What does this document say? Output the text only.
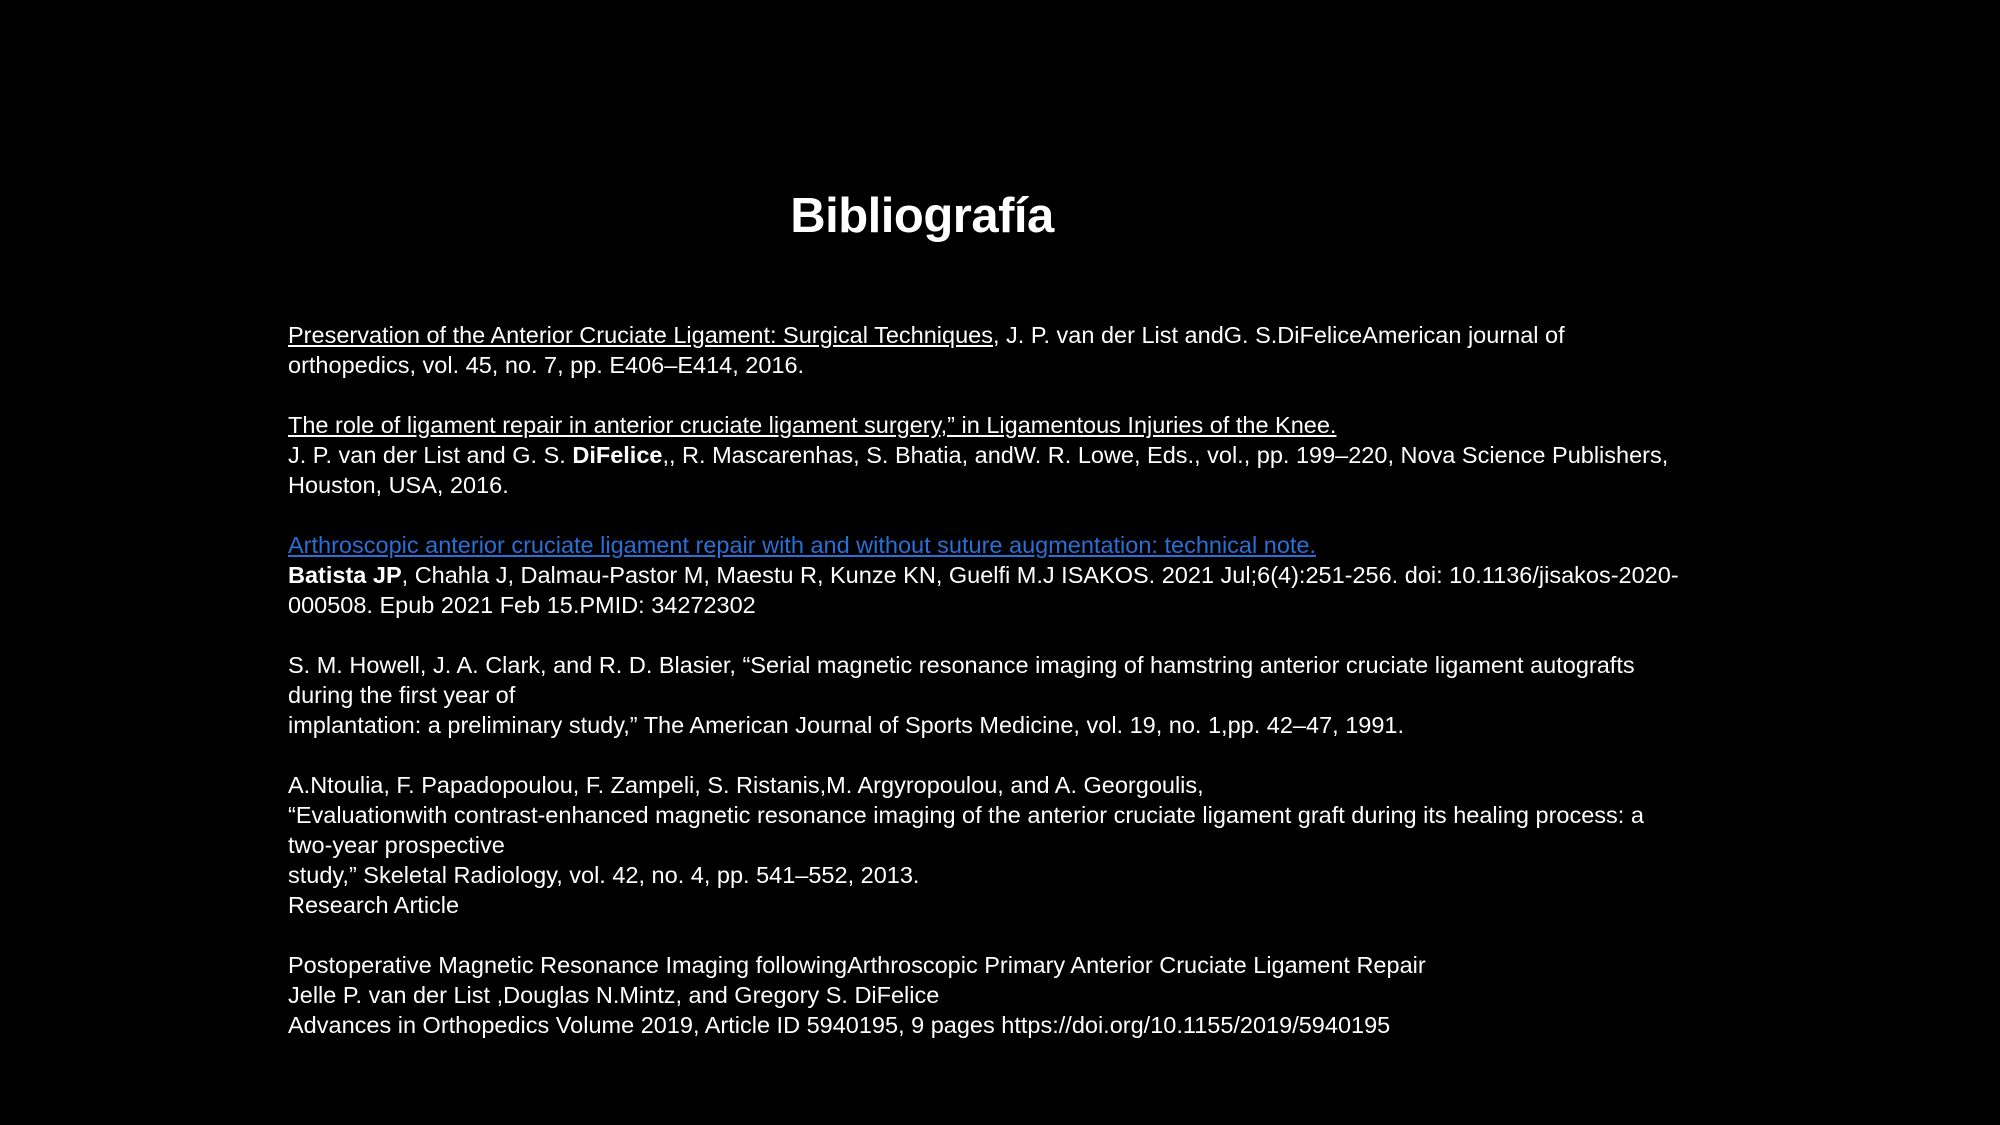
Bibliografía
Preservation of the Anterior Cruciate Ligament: Surgical Techniques, J. P. van der List andG. S.DiFeliceAmerican journal of orthopedics, vol. 45, no. 7, pp. E406–E414, 2016.
The role of ligament repair in anterior cruciate ligament surgery,” in Ligamentous Injuries of the Knee.
J. P. van der List and G. S. DiFelice,, R. Mascarenhas, S. Bhatia, andW. R. Lowe, Eds., vol., pp. 199–220, Nova Science Publishers, Houston, USA, 2016.
Arthroscopic anterior cruciate ligament repair with and without suture augmentation: technical note.
Batista JP, Chahla J, Dalmau-Pastor M, Maestu R, Kunze KN, Guelfi M.J ISAKOS. 2021 Jul;6(4):251-256. doi: 10.1136/jisakos-2020-000508. Epub 2021 Feb 15.PMID: 34272302
S. M. Howell, J. A. Clark, and R. D. Blasier, “Serial magnetic resonance imaging of hamstring anterior cruciate ligament autografts during the first year of
implantation: a preliminary study,” The American Journal of Sports Medicine, vol. 19, no. 1,pp. 42–47, 1991.
A.Ntoulia, F. Papadopoulou, F. Zampeli, S. Ristanis,M. Argyropoulou, and A. Georgoulis,
“Evaluationwith contrast-enhanced magnetic resonance imaging of the anterior cruciate ligament graft during its healing process: a two-year prospective
study,” Skeletal Radiology, vol. 42, no. 4, pp. 541–552, 2013.
Research Article
Postoperative Magnetic Resonance Imaging followingArthroscopic Primary Anterior Cruciate Ligament Repair
Jelle P. van der List ,Douglas N.Mintz, and Gregory S. DiFelice
Advances in Orthopedics Volume 2019, Article ID 5940195, 9 pages https://doi.org/10.1155/2019/5940195
